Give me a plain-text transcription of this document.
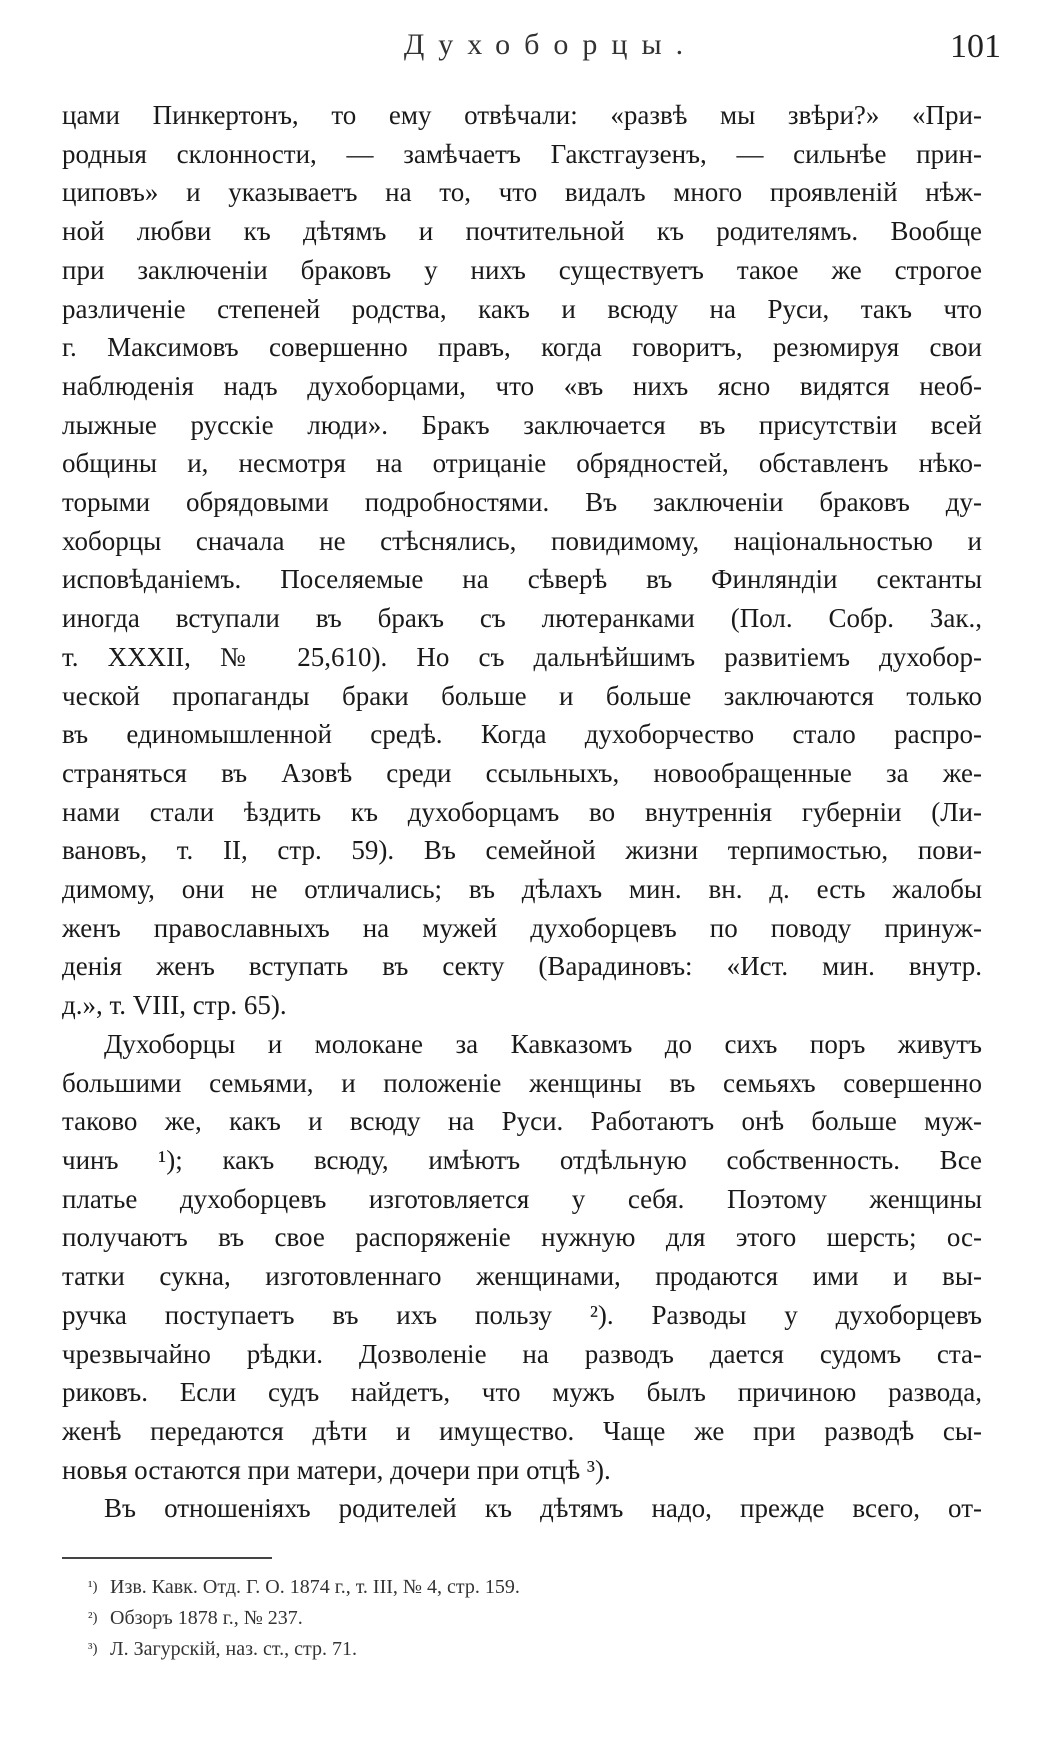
Духоборцы.	101
цами Пинкертонъ, то ему отвѣчали: «развѣ мы звѣри?» «При-
родныя склонности, — замѣчаетъ Гакстгаузенъ, — сильнѣе прин-
циповъ» и указываетъ на то, что видалъ много проявленій нѣж-
ной любви къ дѣтямъ и почтительной къ родителямъ. Вообще
при заключеніи браковъ у нихъ существуетъ такое же строгое
различеніе степеней родства, какъ и всюду на Руси, такъ что
г. Максимовъ совершенно правъ, когда говоритъ, резюмируя свои
наблюденія надъ духоборцами, что «въ нихъ ясно видятся необ-
лыжные русскіе люди». Бракъ заключается въ присутствіи всей
общины и, несмотря на отрицаніе обрядностей, обставленъ нѣко-
торыми обрядовыми подробностями. Въ заключеніи браковъ ду-
хоборцы сначала не стѣснялись, повидимому, національностью и
исповѣданіемъ. Поселяемые на сѣверѣ въ Финляндіи сектанты
иногда вступали въ бракъ съ лютеранками (Пол. Собр. Зак.,
т. XXXII, № 25,610). Но съ дальнѣйшимъ развитіемъ духобор-
ческой пропаганды браки больше и больше заключаются только
въ единомышленной средѣ. Когда духоборчество стало распро-
страняться въ Азовѣ среди ссыльныхъ, новообращенные за же-
нами стали ѣздить къ духоборцамъ во внутреннія губерніи (Ли-
вановъ, т. II, стр. 59). Въ семейной жизни терпимостью, пови-
димому, они не отличались; въ дѣлахъ мин. вн. д. есть жалобы
женъ православныхъ на мужей духоборцевъ по поводу принуж-
денія женъ вступать въ секту (Варадиновъ: «Ист. мин. внутр.
д.», т. VIII, стр. 65).
Духоборцы и молокане за Кавказомъ до сихъ поръ живутъ
большими семьями, и положеніе женщины въ семьяхъ совершенно
таково же, какъ и всюду на Руси. Работаютъ онѣ больше муж-
чинъ ¹); какъ всюду, имѣютъ отдѣльную собственность. Все
платье духоборцевъ изготовляется у себя. Поэтому женщины
получаютъ въ свое распоряженіе нужную для этого шерсть; ос-
татки сукна, изготовленнаго женщинами, продаются ими и вы-
ручка поступаетъ въ ихъ пользу ²). Разводы у духоборцевъ
чрезвычайно рѣдки. Дозволеніе на разводъ дается судомъ ста-
риковъ. Если судъ найдетъ, что мужъ былъ причиною развода,
женѣ передаются дѣти и имущество. Чаще же при разводѣ сы-
новья остаются при матери, дочери при отцѣ ³).
Въ отношеніяхъ родителей къ дѣтямъ надо, прежде всего, от-
¹) Изв. Кавк. Отд. Г. О. 1874 г., т. III, № 4, стр. 159.
²) Обзоръ 1878 г., № 237.
³) Л. Загурскій, наз. ст., стр. 71.
